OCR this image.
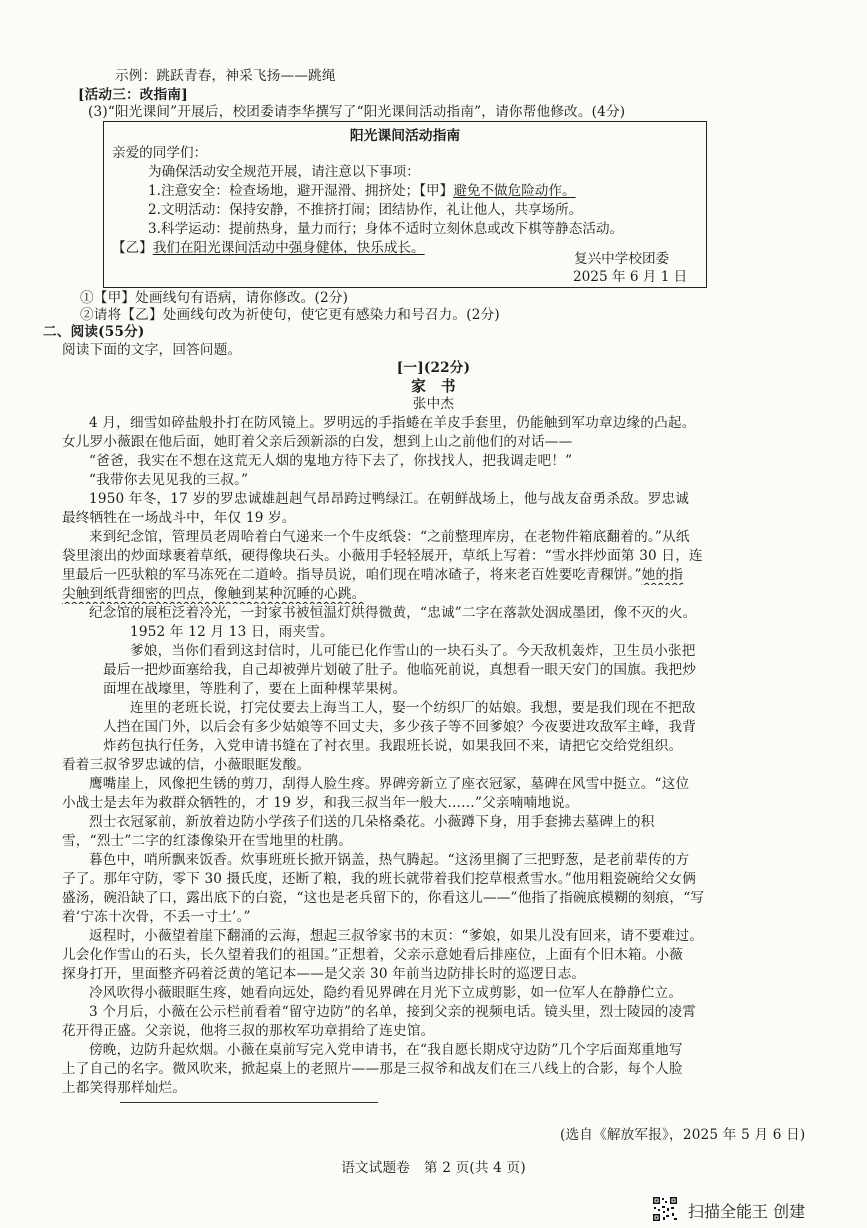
示例：跳跃青春，神采飞扬——跳绳

[活动三：改指南]

(3)“阳光课间”开展后，校团委请李华撰写了“阳光课间活动指南”，请你帮他修改。(4分)

阳光课间活动指南

亲爱的同学们：

为确保活动安全规范开展，请注意以下事项：

1.注意安全：检查场地，避开湿滑、拥挤处；【甲】避免不做危险动作。

2.文明活动：保持安静，不推挤打闹；团结协作，礼让他人，共享场所。

3.科学运动：提前热身，量力而行；身体不适时立刻休息或改下棋等静态活动。

【乙】我们在阳光课间活动中强身健体，快乐成长。

复兴中学校团委

2025 年 6 月 1 日

①【甲】处画线句有语病，请你修改。(2分)

②请将【乙】处画线句改为祈使句，使它更有感染力和号召力。(2分)

二、阅读(55分)

阅读下面的文字，回答问题。

[一](22分)

家　书

张中杰

4 月，细雪如碎盐般扑打在防风镜上。罗明远的手指蜷在羊皮手套里，仍能触到军功章边缘的凸起。

女儿罗小薇跟在他后面，她盯着父亲后颈新添的白发，想到上山之前他们的对话——

“爸爸，我实在不想在这荒无人烟的鬼地方待下去了，你找找人，把我调走吧！”

“我带你去见见我的三叔。”

1950 年冬，17 岁的罗忠诚雄赳赳气昂昂跨过鸭绿江。在朝鲜战场上，他与战友奋勇杀敌。罗忠诚

最终牺牲在一场战斗中，年仅 19 岁。

来到纪念馆，管理员老周哈着白气递来一个牛皮纸袋：“之前整理库房，在老物件箱底翻着的。”从纸

袋里滚出的炒面球裹着草纸，硬得像块石头。小薇用手轻轻展开，草纸上写着：“雪水拌炒面第 30 日，连

里最后一匹驮粮的军马冻死在二道岭。指导员说，咱们现在啃冰碴子，将来老百姓要吃青稞饼。”她的指

尖触到纸背细密的凹点，像触到某种沉睡的心跳。

纪念馆的展柜泛着冷光，一封家书被恒温灯烘得微黄，“忠诚”二字在落款处洇成墨团，像不灭的火。

1952 年 12 月 13 日，雨夹雪。

爹娘，当你们看到这封信时，儿可能已化作雪山的一块石头了。今天敌机轰炸，卫生员小张把

最后一把炒面塞给我，自己却被弹片划破了肚子。他临死前说，真想看一眼天安门的国旗。我把炒

面埋在战壕里，等胜利了，要在上面种棵苹果树。

连里的老班长说，打完仗要去上海当工人，娶一个纺织厂的姑娘。我想，要是我们现在不把敌

人挡在国门外，以后会有多少姑娘等不回丈夫，多少孩子等不回爹娘？今夜要进攻敌军主峰，我背

炸药包执行任务，入党申请书缝在了衬衣里。我跟班长说，如果我回不来，请把它交给党组织。

看着三叔爷罗忠诚的信，小薇眼眶发酸。

鹰嘴崖上，风像把生锈的剪刀，刮得人脸生疼。界碑旁新立了座衣冠冢，墓碑在风雪中挺立。“这位

小战士是去年为救群众牺牲的，才 19 岁，和我三叔当年一般大……”父亲喃喃地说。

烈士衣冠冢前，新放着边防小学孩子们送的几朵格桑花。小薇蹲下身，用手套拂去墓碑上的积

雪，“烈士”二字的红漆像染开在雪地里的杜鹃。

暮色中，哨所飘来饭香。炊事班班长掀开锅盖，热气腾起。“这汤里搁了三把野葱，是老前辈传的方

子了。那年守防，零下 30 摄氏度，还断了粮，我的班长就带着我们挖草根煮雪水。”他用粗瓷碗给父女俩

盛汤，碗沿缺了口，露出底下的白瓷，“这也是老兵留下的，你看这儿——”他指了指碗底模糊的刻痕，“写

着‘宁冻十次骨，不丢一寸土’。”

返程时，小薇望着崖下翻涌的云海，想起三叔爷家书的末页：“爹娘，如果儿没有回来，请不要难过。

儿会化作雪山的石头，长久望着我们的祖国。”正想着，父亲示意她看后排座位，上面有个旧木箱。小薇

探身打开，里面整齐码着泛黄的笔记本——是父亲 30 年前当边防排长时的巡逻日志。

冷风吹得小薇眼眶生疼，她看向远处，隐约看见界碑在月光下立成剪影，如一位军人在静静伫立。

3 个月后，小薇在公示栏前看着“留守边防”的名单，接到父亲的视频电话。镜头里，烈士陵园的凌霄

花开得正盛。父亲说，他将三叔的那枚军功章捐给了连史馆。

傍晚，边防升起炊烟。小薇在桌前写完入党申请书，在“我自愿长期戍守边防”几个字后面郑重地写

上了自己的名字。微风吹来，掀起桌上的老照片——那是三叔爷和战友们在三八线上的合影，每个人脸

上都笑得那样灿烂。

(选自《解放军报》，2025 年 5 月 6 日)

语文试题卷　第 2 页(共 4 页)

扫描全能王 创建
